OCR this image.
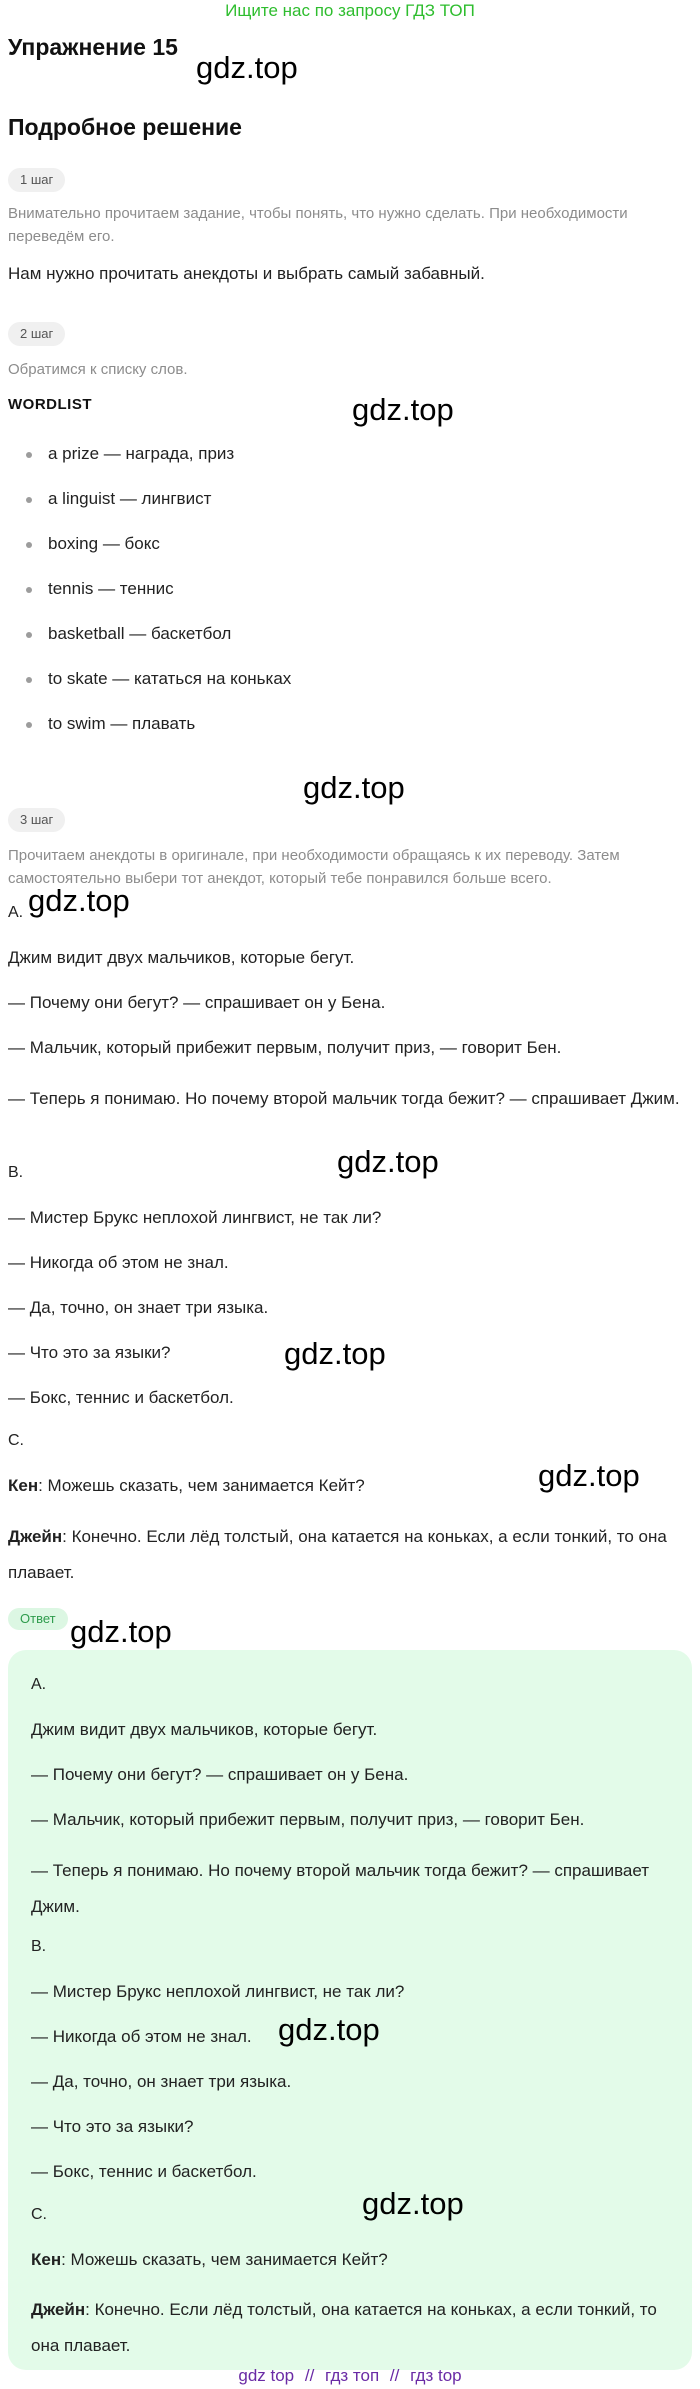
Ищите нас по запросу ГДЗ ТОП
Упражнение 15
gdz.top
Подробное решение
1 шаг

Внимательно прочитаем задание, чтобы понять, что нужно сделать. При необходимости переведём его.

Нам нужно прочитать анекдоты и выбрать самый забавный.

2 шаг

Обратимся к списку слов.

WORDLIST	gdz.top
a prize — награда, приз
a linguist — лингвист
boxing — бокс
tennis — теннис
basketball — баскетбол
to skate — кататься на коньках
to swim — плавать
gdz.top
3 шаг

Прочитаем анекдоты в оригинале, при необходимости обращаясь к их переводу. Затем самостоятельно выбери тот анекдот, который тебе понравился больше всего.

A. gdz.top

Джим видит двух мальчиков, которые бегут.

— Почему они бегут? — спрашивает он у Бена.

— Мальчик, который прибежит первым, получит приз, — говорит Бен.

— Теперь я понимаю. Но почему второй мальчик тогда бежит? — спрашивает Джим.

gdz.top

B.

— Мистер Брукс неплохой лингвист, не так ли?

— Никогда об этом не знал.

— Да, точно, он знает три языка.

— Что это за языки?	gdz.top

— Бокс, теннис и баскетбол.

C.

Кен: Можешь сказать, чем занимается Кейт?	gdz.top

Джейн: Конечно. Если лёд толстый, она катается на коньках, а если тонкий, то она плавает.

Ответ gdz.top

A.

Джим видит двух мальчиков, которые бегут.

— Почему они бегут? — спрашивает он у Бена.

— Мальчик, который прибежит первым, получит приз, — говорит Бен.

— Теперь я понимаю. Но почему второй мальчик тогда бежит? — спрашивает Джим.

B.

— Мистер Брукс неплохой лингвист, не так ли?

— Никогда об этом не знал. gdz.top

— Да, точно, он знает три языка.

— Что это за языки?

— Бокс, теннис и баскетбол.

C.	gdz.top

Кен: Можешь сказать, чем занимается Кейт?

Джейн: Конечно. Если лёд толстый, она катается на коньках, а если тонкий, то она плавает.

gdz top // гдз топ // гдз top
